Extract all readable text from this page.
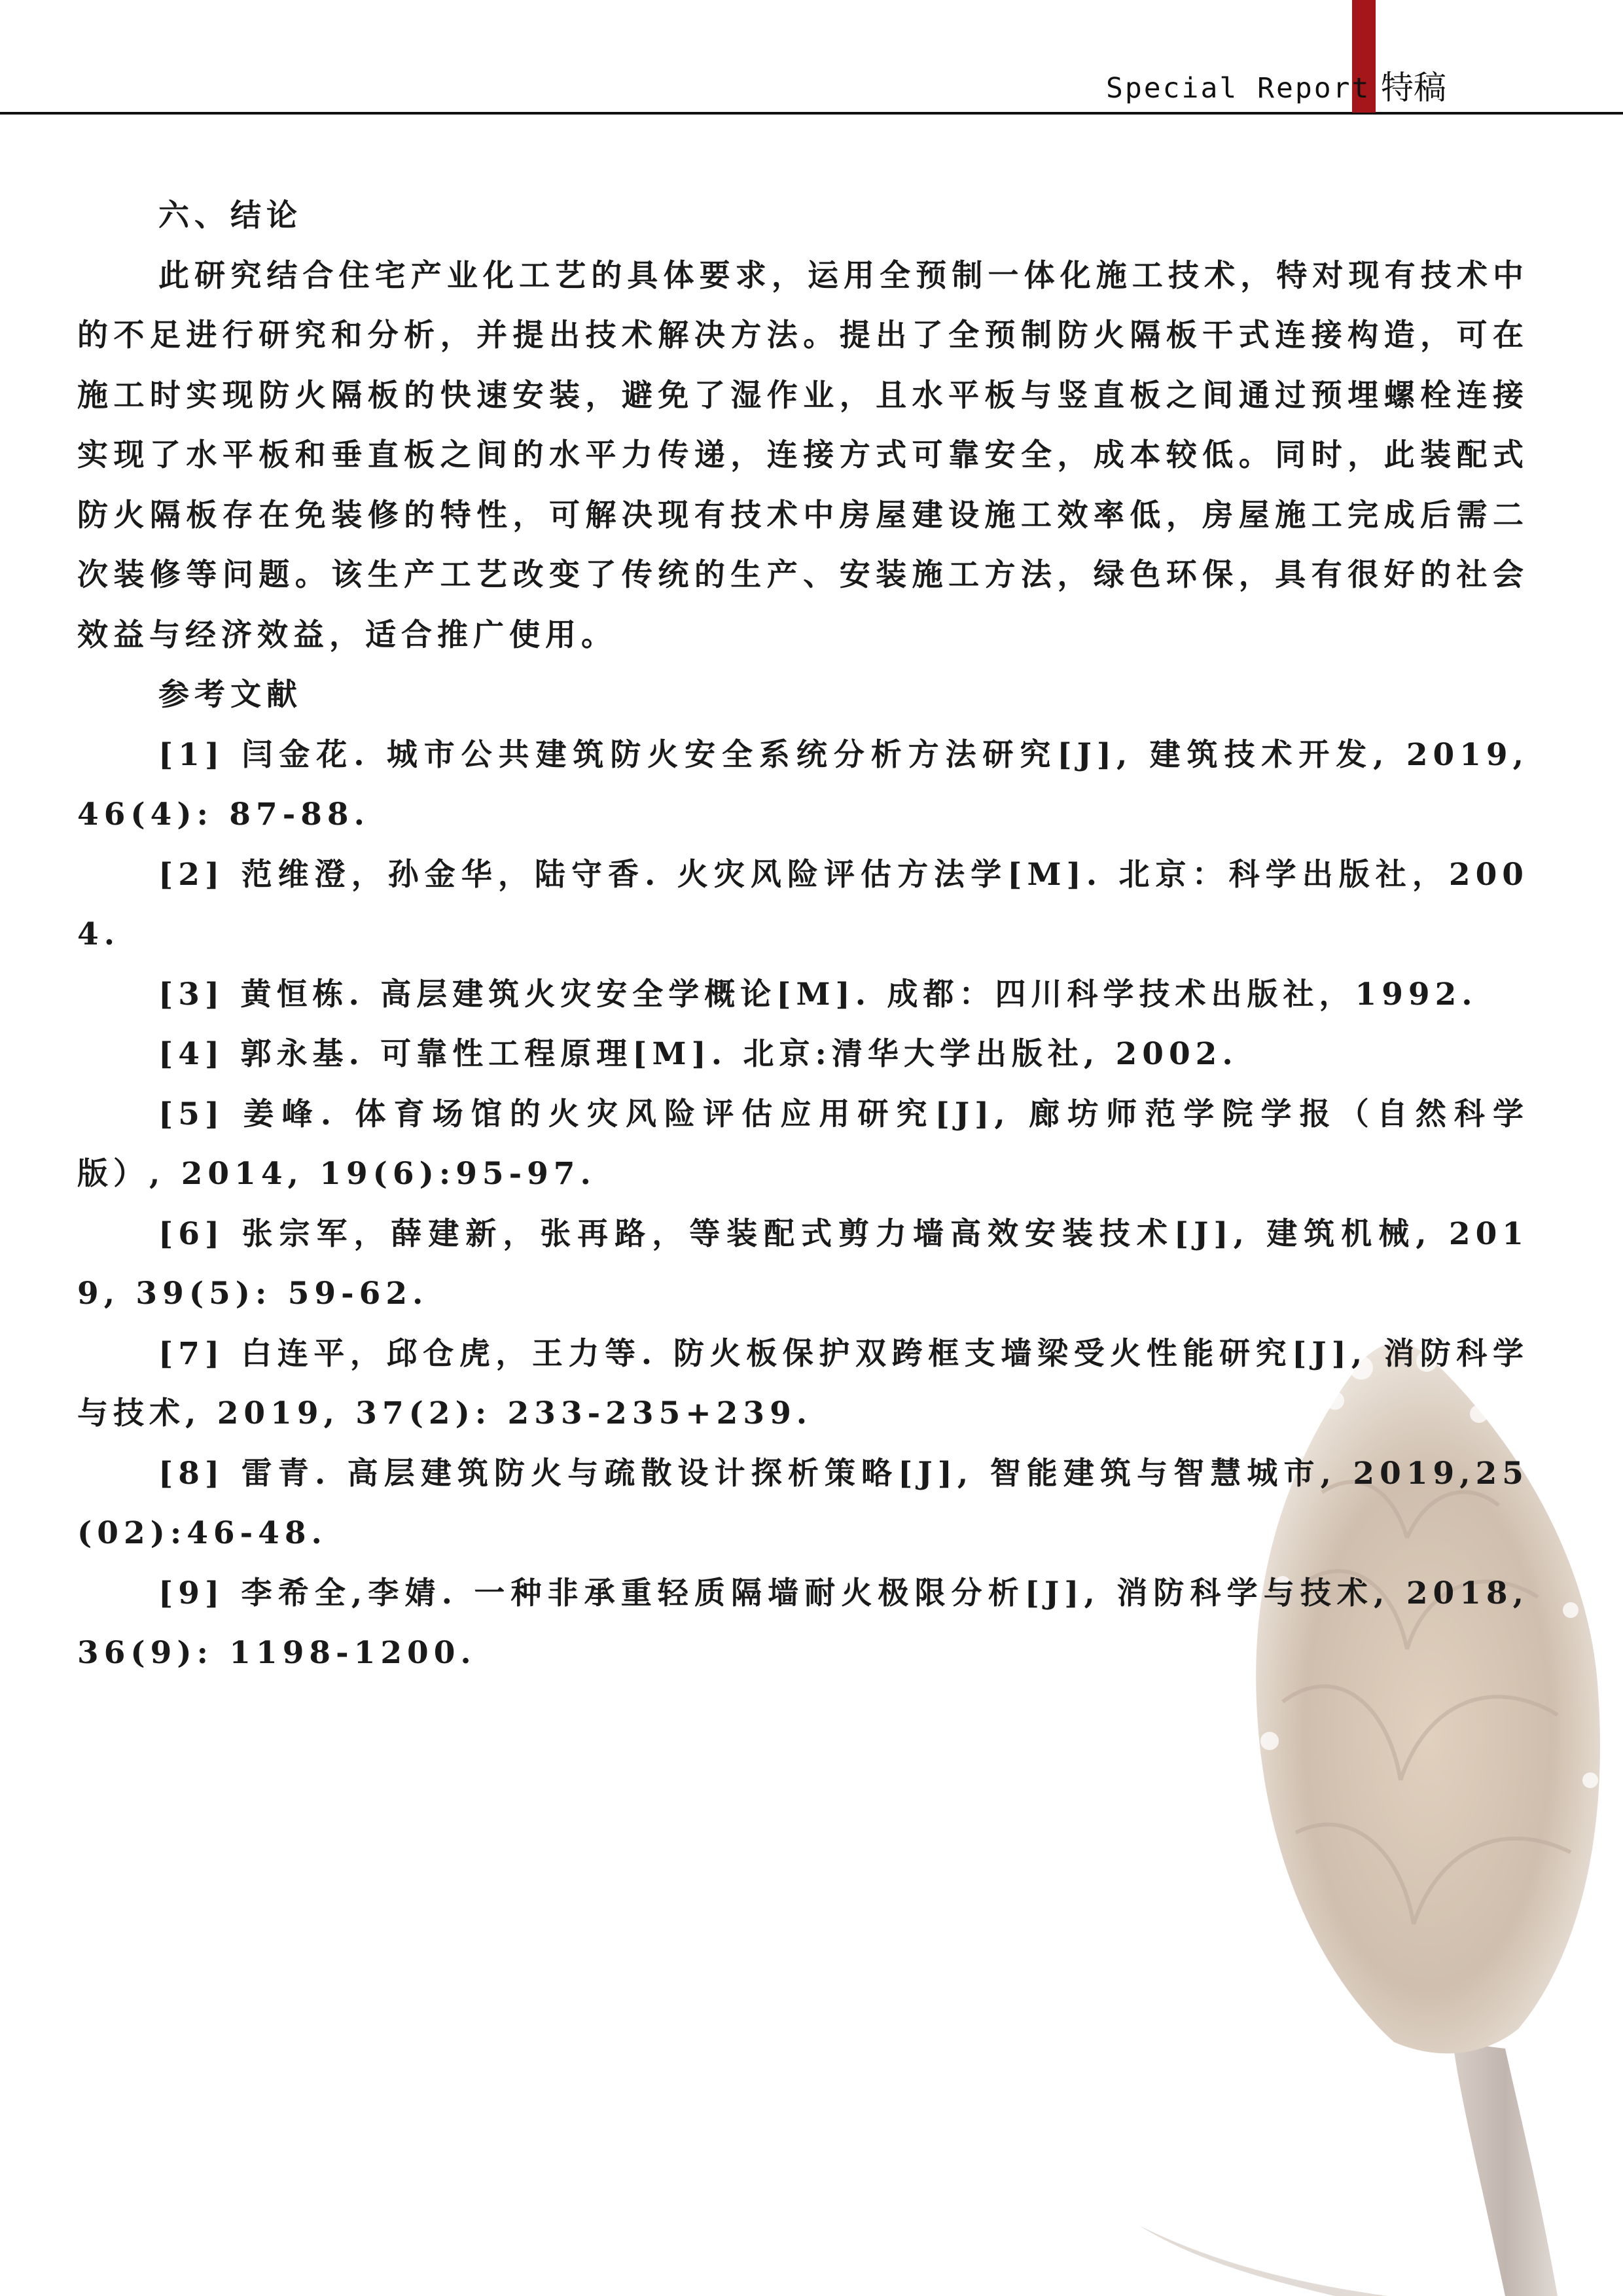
Special Report 特稿

六、结论

此研究结合住宅产业化工艺的具体要求，运用全预制一体化施工技术，特对现有技术中的不足进行研究和分析，并提出技术解决方法。提出了全预制防火隔板干式连接构造，可在施工时实现防火隔板的快速安装，避免了湿作业，且水平板与竖直板之间通过预埋螺栓连接实现了水平板和垂直板之间的水平力传递，连接方式可靠安全，成本较低。同时，此装配式防火隔板存在免装修的特性，可解决现有技术中房屋建设施工效率低，房屋施工完成后需二次装修等问题。该生产工艺改变了传统的生产、安装施工方法，绿色环保，具有很好的社会效益与经济效益，适合推广使用。

参考文献

[1] 闫金花. 城市公共建筑防火安全系统分析方法研究[J], 建筑技术开发, 2019, 46(4): 87-88.

[2] 范维澄，孙金华，陆守香. 火灾风险评估方法学[M]. 北京：科学出版社，2004.

[3] 黄恒栋. 高层建筑火灾安全学概论[M]. 成都：四川科学技术出版社，1992.

[4] 郭永基. 可靠性工程原理[M]. 北京:清华大学出版社, 2002.

[5] 姜峰. 体育场馆的火灾风险评估应用研究[J], 廊坊师范学院学报（自然科学版）, 2014, 19(6):95-97.

[6] 张宗军，薛建新，张再路，等装配式剪力墙高效安装技术[J], 建筑机械, 2019, 39(5): 59-62.

[7] 白连平，邱仓虎，王力等. 防火板保护双跨框支墙梁受火性能研究[J], 消防科学与技术, 2019, 37(2): 233-235+239.

[8] 雷青. 高层建筑防火与疏散设计探析策略[J], 智能建筑与智慧城市, 2019,25(02):46-48.

[9] 李希全,李婧. 一种非承重轻质隔墙耐火极限分析[J], 消防科学与技术, 2018, 36(9): 1198-1200.
